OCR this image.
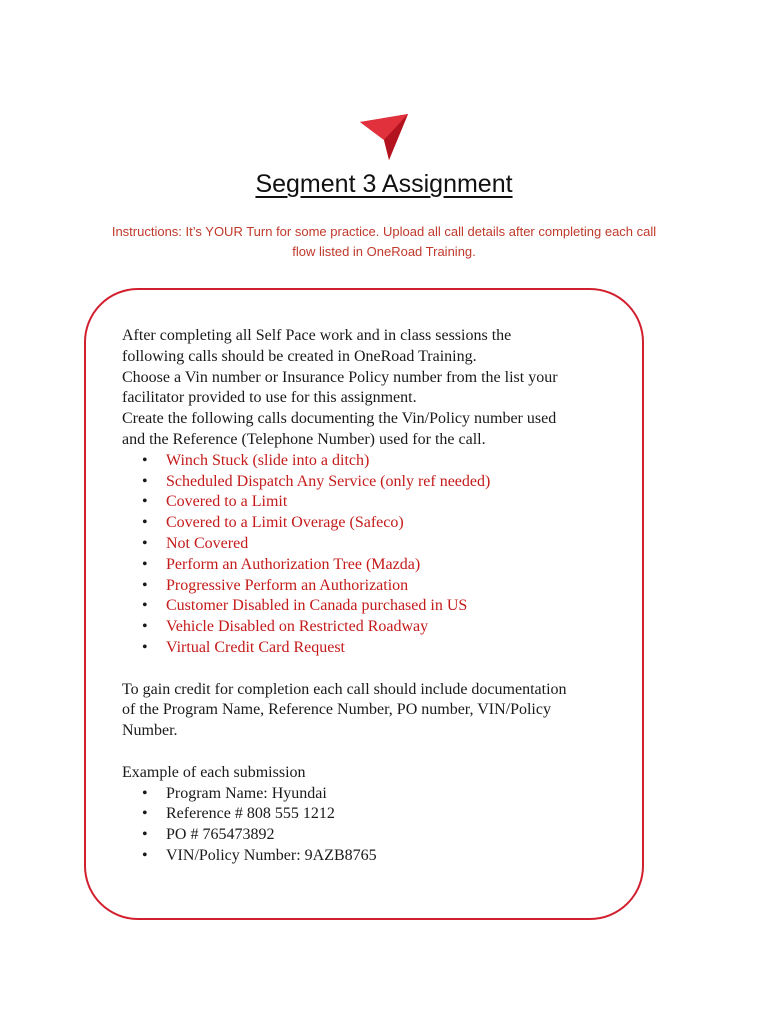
Segment 3 Assignment
Instructions: It’s YOUR Turn for some practice. Upload all call details after completing each call
flow listed in OneRoad Training.

After completing all Self Pace work and in class sessions the

following calls should be created in OneRoad Training.

Choose a Vin number or Insurance Policy number from the list your

facilitator provided to use for this assignment.

Create the following calls documenting the Vin/Policy number used

and the Reference (Telephone Number) used for the call.

• Winch Stuck (slide into a ditch)
• Scheduled Dispatch Any Service (only ref needed)
• Covered to a Limit
• Covered to a Limit Overage (Safeco)
• Not Covered
• Perform an Authorization Tree (Mazda)
• Progressive Perform an Authorization
• Customer Disabled in Canada purchased in US
• Vehicle Disabled on Restricted Roadway
• Virtual Credit Card Request

To gain credit for completion each call should include documentation

of the Program Name, Reference Number, PO number, VIN/Policy

Number.

Example of each submission

• Program Name: Hyundai
• Reference # 808 555 1212
• PO # 765473892
• VIN/Policy Number: 9AZB8765
